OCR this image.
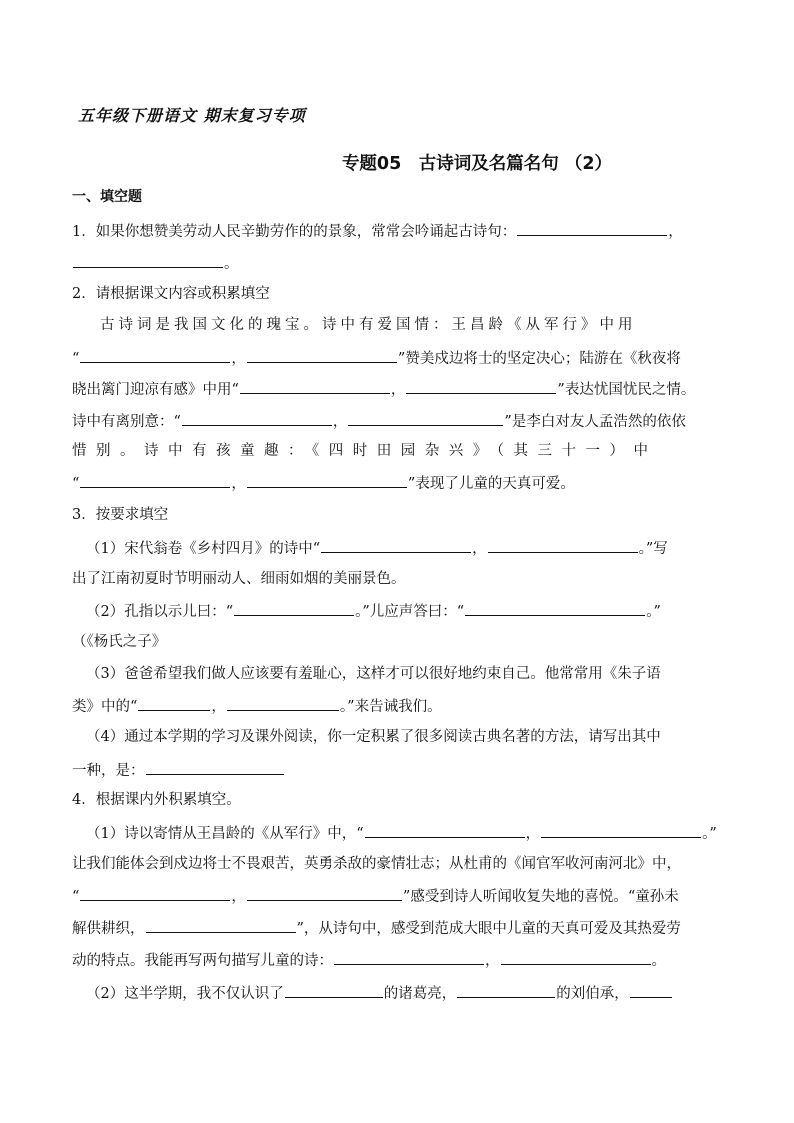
五年级下册语文 期末复习专项
专题05　古诗词及名篇名句 （2）
一、填空题
1．如果你想赞美劳动人民辛勤劳作的的景象，常常会吟诵起古诗句：	，
。
2．请根据课文内容或积累填空
古诗词是我国文化的瑰宝。诗中有爱国情：王昌龄《从军行》中用
“	，	”赞美戍边将士的坚定决心；陆游在《秋夜将
晓出篱门迎凉有感》中用“	，	”表达忧国忧民之情。
诗中有离别意：“	，	”是李白对友人孟浩然的依依
惜别。诗中有孩童趣：《四时田园杂兴》（其三十一）中
“	，	”表现了儿童的天真可爱。
3．按要求填空
（1）宋代翁卷《乡村四月》的诗中“	，	。”写
出了江南初夏时节明丽动人、细雨如烟的美丽景色。
（2）孔指以示儿曰：“	。”儿应声答曰：“	。”
（《杨氏之子》
（3）爸爸希望我们做人应该要有羞耻心，这样才可以很好地约束自己。他常常用《朱子语
类》中的“	，	。”来告诫我们。
（4）通过本学期的学习及课外阅读，你一定积累了很多阅读古典名著的方法，请写出其中
一种，是：
4．根据课内外积累填空。
（1）诗以寄情从王昌龄的《从军行》中，“	，	。”
让我们能体会到戍边将士不畏艰苦，英勇杀敌的豪情壮志；从杜甫的《闻官军收河南河北》中，
“	，	”感受到诗人听闻收复失地的喜悦。“童孙未
解供耕织，	”，从诗句中，感受到范成大眼中儿童的天真可爱及其热爱劳
动的特点。我能再写两句描写儿童的诗：	，	。
（2）这半学期，我不仅认识了	的诸葛亮，	的刘伯承，
